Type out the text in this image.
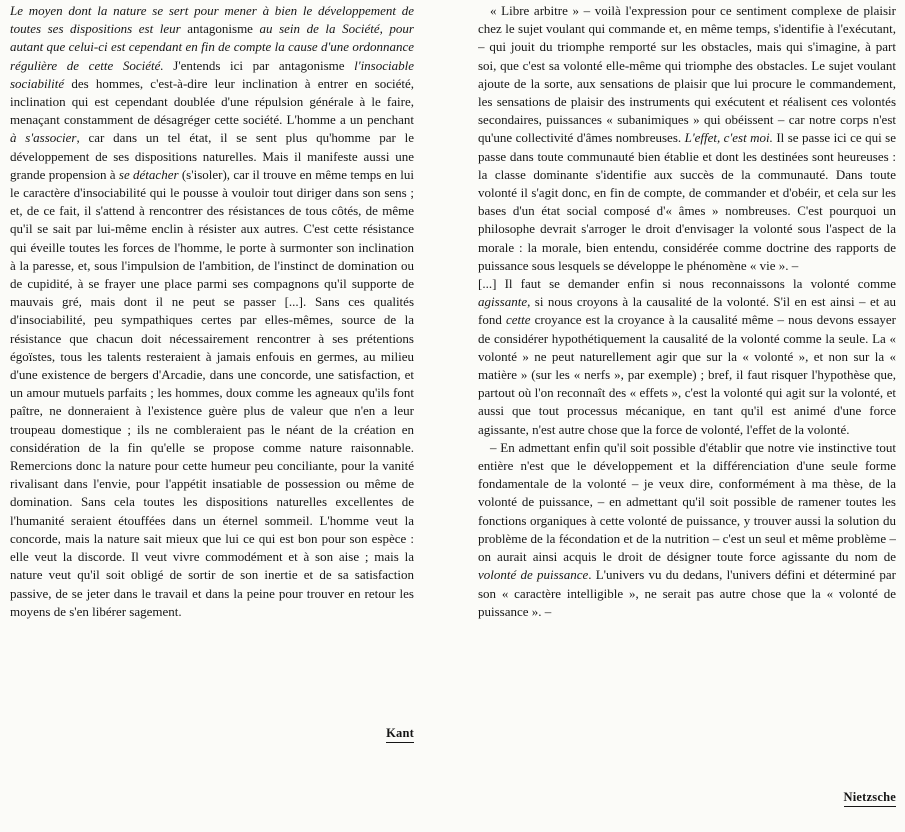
Le moyen dont la nature se sert pour mener à bien le développement de toutes ses dispositions est leur antagonisme au sein de la Société, pour autant que celui-ci est cependant en fin de compte la cause d'une ordonnance régulière de cette Société. J'entends ici par antagonisme l'insociable sociabilité des hommes, c'est-à-dire leur inclination à entrer en société, inclination qui est cependant doublée d'une répulsion générale à le faire, menaçant constamment de désagréger cette société. L'homme a un penchant à s'associer, car dans un tel état, il se sent plus qu'homme par le développement de ses dispositions naturelles. Mais il manifeste aussi une grande propension à se détacher (s'isoler), car il trouve en même temps en lui le caractère d'insociabilité qui le pousse à vouloir tout diriger dans son sens ; et, de ce fait, il s'attend à rencontrer des résistances de tous côtés, de même qu'il se sait par lui-même enclin à résister aux autres. C'est cette résistance qui éveille toutes les forces de l'homme, le porte à surmonter son inclination à la paresse, et, sous l'impulsion de l'ambition, de l'instinct de domination ou de cupidité, à se frayer une place parmi ses compagnons qu'il supporte de mauvais gré, mais dont il ne peut se passer [...]. Sans ces qualités d'insociabilité, peu sympathiques certes par elles-mêmes, source de la résistance que chacun doit nécessairement rencontrer à ses prétentions égoïstes, tous les talents resteraient à jamais enfouis en germes, au milieu d'une existence de bergers d'Arcadie, dans une concorde, une satisfaction, et un amour mutuels parfaits ; les hommes, doux comme les agneaux qu'ils font paître, ne donneraient à l'existence guère plus de valeur que n'en a leur troupeau domestique ; ils ne combleraient pas le néant de la création en considération de la fin qu'elle se propose comme nature raisonnable. Remercions donc la nature pour cette humeur peu conciliante, pour la vanité rivalisant dans l'envie, pour l'appétit insatiable de possession ou même de domination. Sans cela toutes les dispositions naturelles excellentes de l'humanité seraient étouffées dans un éternel sommeil. L'homme veut la concorde, mais la nature sait mieux que lui ce qui est bon pour son espèce : elle veut la discorde. Il veut vivre commodément et à son aise ; mais la nature veut qu'il soit obligé de sortir de son inertie et de sa satisfaction passive, de se jeter dans le travail et dans la peine pour trouver en retour les moyens de s'en libérer sagement.

Kant

« Libre arbitre » – voilà l'expression pour ce sentiment complexe de plaisir chez le sujet voulant qui commande et, en même temps, s'identifie à l'exécutant, – qui jouit du triomphe remporté sur les obstacles, mais qui s'imagine, à part soi, que c'est sa volonté elle-même qui triomphe des obstacles. Le sujet voulant ajoute de la sorte, aux sensations de plaisir que lui procure le commandement, les sensations de plaisir des instruments qui exécutent et réalisent ces volontés secondaires, puissances « subanimiques » qui obéissent – car notre corps n'est qu'une collectivité d'âmes nombreuses. L'effet, c'est moi. Il se passe ici ce qui se passe dans toute communauté bien établie et dont les destinées sont heureuses : la classe dominante s'identifie aux succès de la communauté. Dans toute volonté il s'agit donc, en fin de compte, de commander et d'obéir, et cela sur les bases d'un état social composé d'« âmes » nombreuses. C'est pourquoi un philosophe devrait s'arroger le droit d'envisager la volonté sous l'aspect de la morale : la morale, bien entendu, considérée comme doctrine des rapports de puissance sous lesquels se développe le phénomène « vie ». –

[...] Il faut se demander enfin si nous reconnaissons la volonté comme agissante, si nous croyons à la causalité de la volonté. S'il en est ainsi – et au fond cette croyance est la croyance à la causalité même – nous devons essayer de considérer hypothétiquement la causalité de la volonté comme la seule. La « volonté » ne peut naturellement agir que sur la « volonté », et non sur la « matière » (sur les « nerfs », par exemple) ; bref, il faut risquer l'hypothèse que, partout où l'on reconnaît des « effets », c'est la volonté qui agit sur la volonté, et aussi que tout processus mécanique, en tant qu'il est animé d'une force agissante, n'est autre chose que la force de volonté, l'effet de la volonté.

– En admettant enfin qu'il soit possible d'établir que notre vie instinctive tout entière n'est que le développement et la différenciation d'une seule forme fondamentale de la volonté – je veux dire, conformément à ma thèse, de la volonté de puissance, – en admettant qu'il soit possible de ramener toutes les fonctions organiques à cette volonté de puissance, y trouver aussi la solution du problème de la fécondation et de la nutrition – c'est un seul et même problème – on aurait ainsi acquis le droit de désigner toute force agissante du nom de volonté de puissance. L'univers vu du dedans, l'univers défini et déterminé par son « caractère intelligible », ne serait pas autre chose que la « volonté de puissance ». –

Nietzsche
